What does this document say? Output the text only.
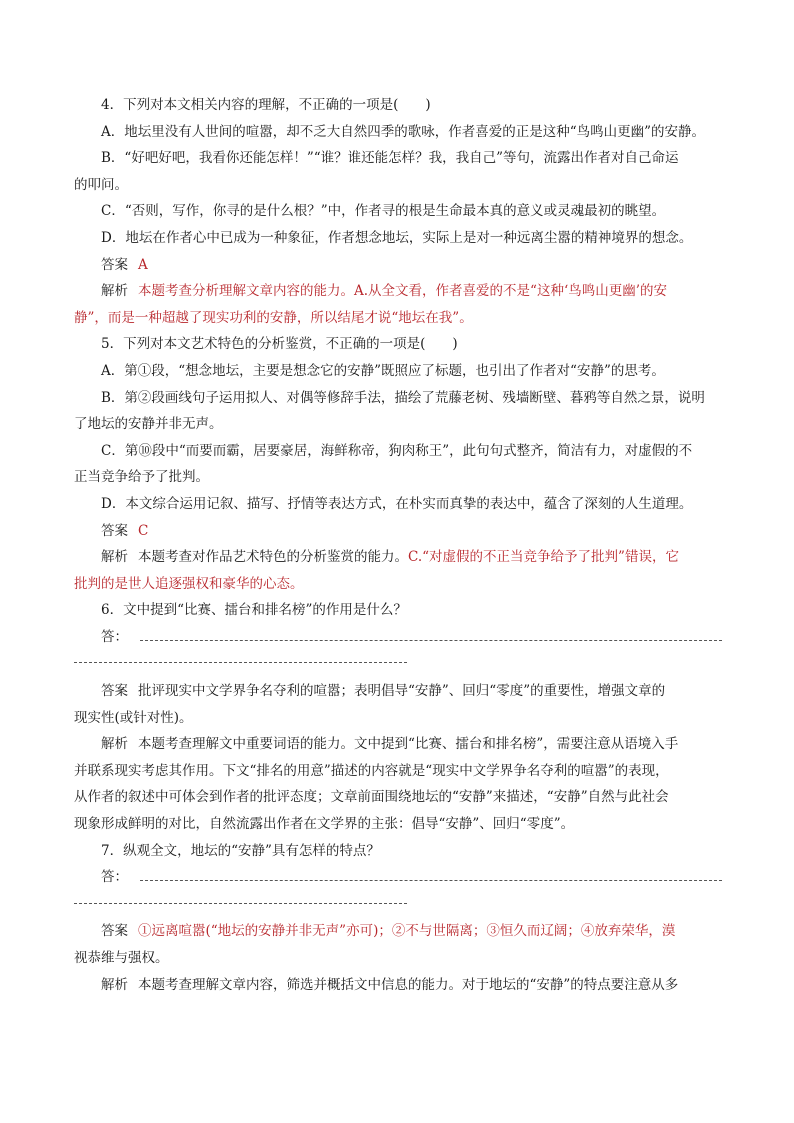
4．下列对本文相关内容的理解，不正确的一项是(　　)
A．地坛里没有人世间的喧嚣，却不乏大自然四季的歌咏，作者喜爱的正是这种“鸟鸣山更幽”的安静。
B．“好吧好吧，我看你还能怎样！”“谁？谁还能怎样？我，我自己”等句，流露出作者对自己命运
的叩问。
C．“否则，写作，你寻的是什么根？”中，作者寻的根是生命最本真的意义或灵魂最初的眺望。
D．地坛在作者心中已成为一种象征，作者想念地坛，实际上是对一种远离尘嚣的精神境界的想念。
答案 A
解析 本题考查分析理解文章内容的能力。A.从全文看，作者喜爱的不是“这种‘鸟鸣山更幽’的安
静”，而是一种超越了现实功利的安静，所以结尾才说“地坛在我”。
5．下列对本文艺术特色的分析鉴赏，不正确的一项是(　　)
A．第①段，“想念地坛，主要是想念它的安静”既照应了标题，也引出了作者对“安静”的思考。
B．第②段画线句子运用拟人、对偶等修辞手法，描绘了荒藤老树、残墙断壁、暮鸦等自然之景，说明
了地坛的安静并非无声。
C．第⑩段中“而要而霸，居要豪居，海鲜称帝，狗肉称王”，此句句式整齐，简洁有力，对虚假的不
正当竞争给予了批判。
D．本文综合运用记叙、描写、抒情等表达方式，在朴实而真挚的表达中，蕴含了深刻的人生道理。
答案 C
解析 本题考查对作品艺术特色的分析鉴赏的能力。C.“对虚假的不正当竞争给予了批判”错误，它
批判的是世人追逐强权和豪华的心态。
6．文中提到“比赛、擂台和排名榜”的作用是什么？
答：
答案 批评现实中文学界争名夺利的喧嚣；表明倡导“安静”、回归“零度”的重要性，增强文章的
现实性(或针对性)。
解析 本题考查理解文中重要词语的能力。文中提到“比赛、擂台和排名榜”，需要注意从语境入手
并联系现实考虑其作用。下文“排名的用意”描述的内容就是“现实中文学界争名夺利的喧嚣”的表现，
从作者的叙述中可体会到作者的批评态度；文章前面围绕地坛的“安静”来描述，“安静”自然与此社会
现象形成鲜明的对比，自然流露出作者在文学界的主张：倡导“安静”、回归“零度”。
7．纵观全文，地坛的“安静”具有怎样的特点？
答：
答案 ①远离喧嚣(“地坛的安静并非无声”亦可)；②不与世隔离；③恒久而辽阔；④放弃荣华，漠
视恭维与强权。
解析 本题考查理解文章内容，筛选并概括文中信息的能力。对于地坛的“安静”的特点要注意从多
